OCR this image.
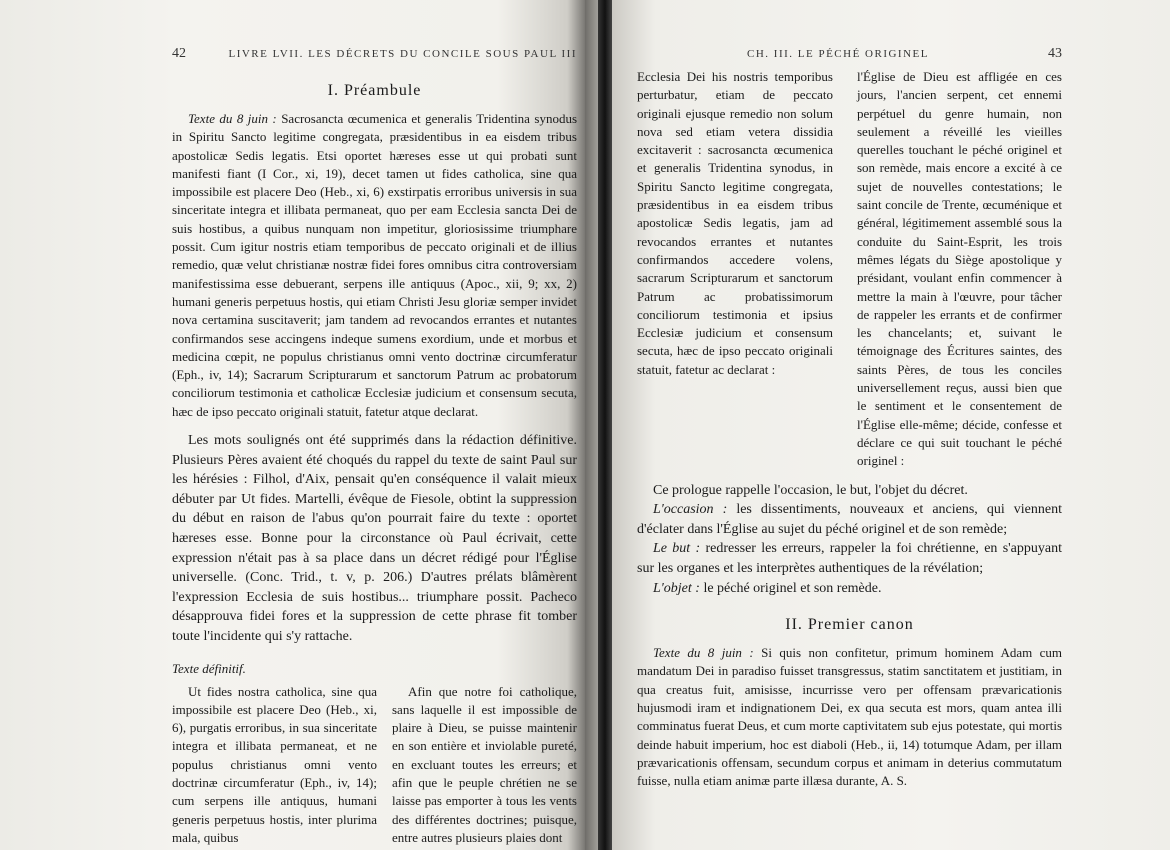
42	LIVRE LVII. LES DÉCRETS DU CONCILE SOUS PAUL III
I. Préambule

Texte du 8 juin : Sacrosancta œcumenica et generalis Tridentina synodus in Spiritu Sancto legitime congregata, præsidentibus in ea eisdem tribus apostolicæ Sedis legatis. Etsi oportet hæreses esse ut qui probati sunt manifesti fiant (I Cor., xi, 19), decet tamen ut fides catholica, sine qua impossibile est placere Deo (Heb., xi, 6) exstirpatis erroribus universis in sua sinceritate integra et illibata permaneat, quo per eam Ecclesia sancta Dei de suis hostibus, a quibus nunquam non impetitur, gloriosissime triumphare possit. Cum igitur nostris etiam temporibus de peccato originali et de illius remedio, quæ velut christianæ nostræ fidei fores omnibus citra controversiam manifestissima esse debuerant, serpens ille antiquus (Apoc., xii, 9; xx, 2) humani generis perpetuus hostis, qui etiam Christi Jesu gloriæ semper invidet nova certamina suscitaverit; jam tandem ad revocandos errantes et nutantes confirmandos sese accingens indeque sumens exordium, unde et morbus et medicina cœpit, ne populus christianus omni vento doctrinæ circumferatur (Eph., iv, 14); Sacrarum Scripturarum et sanctorum Patrum ac probatorum conciliorum testimonia et catholicæ Ecclesiæ judicium et consensum secuta, hæc de ipso peccato originali statuit, fatetur atque declarat.

Les mots soulignés ont été supprimés dans la rédaction définitive. Plusieurs Pères avaient été choqués du rappel du texte de saint Paul sur les hérésies : Filhol, d'Aix, pensait qu'en conséquence il valait mieux débuter par Ut fides. Martelli, évêque de Fiesole, obtint la suppression du début en raison de l'abus qu'on pourrait faire du texte : oportet hæreses esse. Bonne pour la circonstance où Paul écrivait, cette expression n'était pas à sa place dans un décret rédigé pour l'Église universelle. (Conc. Trid., t. v, p. 206.) D'autres prélats blâmèrent l'expression Ecclesia de suis hostibus... triumphare possit. Pacheco désapprouva fidei fores et la suppression de cette phrase fit tomber toute l'incidente qui s'y rattache.

Texte définitif.

Ut fides nostra catholica, sine qua impossibile est placere Deo (Heb., xi, 6), purgatis erroribus, in sua sinceritate integra et illibata permaneat, et ne populus christianus omni vento doctrinæ circumferatur (Eph., iv, 14); cum serpens ille antiquus, humani generis perpetuus hostis, inter plurima mala, quibus

Afin que notre foi catholique, sans laquelle il est impossible de plaire à Dieu, se puisse maintenir en son entière et inviolable pureté, en excluant toutes les erreurs; et afin que le peuple chrétien ne se laisse pas emporter à tous les vents des différentes doctrines; puisque, entre autres plusieurs plaies dont

CH. III. LE PÉCHÉ ORIGINEL	43

Ecclesia Dei his nostris temporibus perturbatur, etiam de peccato originali ejusque remedio non solum nova sed etiam vetera dissidia excitaverit : sacrosancta œcumenica et generalis Tridentina synodus, in Spiritu Sancto legitime congregata, præsidentibus in ea eisdem tribus apostolicæ Sedis legatis, jam ad revocandos errantes et nutantes confirmandos accedere volens, sacrarum Scripturarum et sanctorum Patrum ac probatissimorum conciliorum testimonia et ipsius Ecclesiæ judicium et consensum secuta, hæc de ipso peccato originali statuit, fatetur ac declarat :

l'Église de Dieu est affligée en ces jours, l'ancien serpent, cet ennemi perpétuel du genre humain, non seulement a réveillé les vieilles querelles touchant le péché originel et son remède, mais encore a excité à ce sujet de nouvelles contestations; le saint concile de Trente, œcuménique et général, légitimement assemblé sous la conduite du Saint-Esprit, les trois mêmes légats du Siège apostolique y présidant, voulant enfin commencer à mettre la main à l'œuvre, pour tâcher de rappeler les errants et de confirmer les chancelants; et, suivant le témoignage des Écritures saintes, des saints Pères, de tous les conciles universellement reçus, aussi bien que le sentiment et le consentement de l'Église elle-même; décide, confesse et déclare ce qui suit touchant le péché originel :

Ce prologue rappelle l'occasion, le but, l'objet du décret.

L'occasion : les dissentiments, nouveaux et anciens, qui viennent d'éclater dans l'Église au sujet du péché originel et de son remède;

Le but : redresser les erreurs, rappeler la foi chrétienne, en s'appuyant sur les organes et les interprètes authentiques de la révélation;

L'objet : le péché originel et son remède.

II. Premier canon

Texte du 8 juin : Si quis non confitetur, primum hominem Adam cum mandatum Dei in paradiso fuisset transgressus, statim sanctitatem et justitiam, in qua creatus fuit, amisisse, incurrisse vero per offensam prævaricationis hujusmodi iram et indignationem Dei, ex qua secuta est mors, quam antea illi comminatus fuerat Deus, et cum morte captivitatem sub ejus potestate, qui mortis deinde habuit imperium, hoc est diaboli (Heb., ii, 14) totumque Adam, per illam prævaricationis offensam, secundum corpus et animam in deterius commutatum fuisse, nulla etiam animæ parte illæsa durante, A. S.
